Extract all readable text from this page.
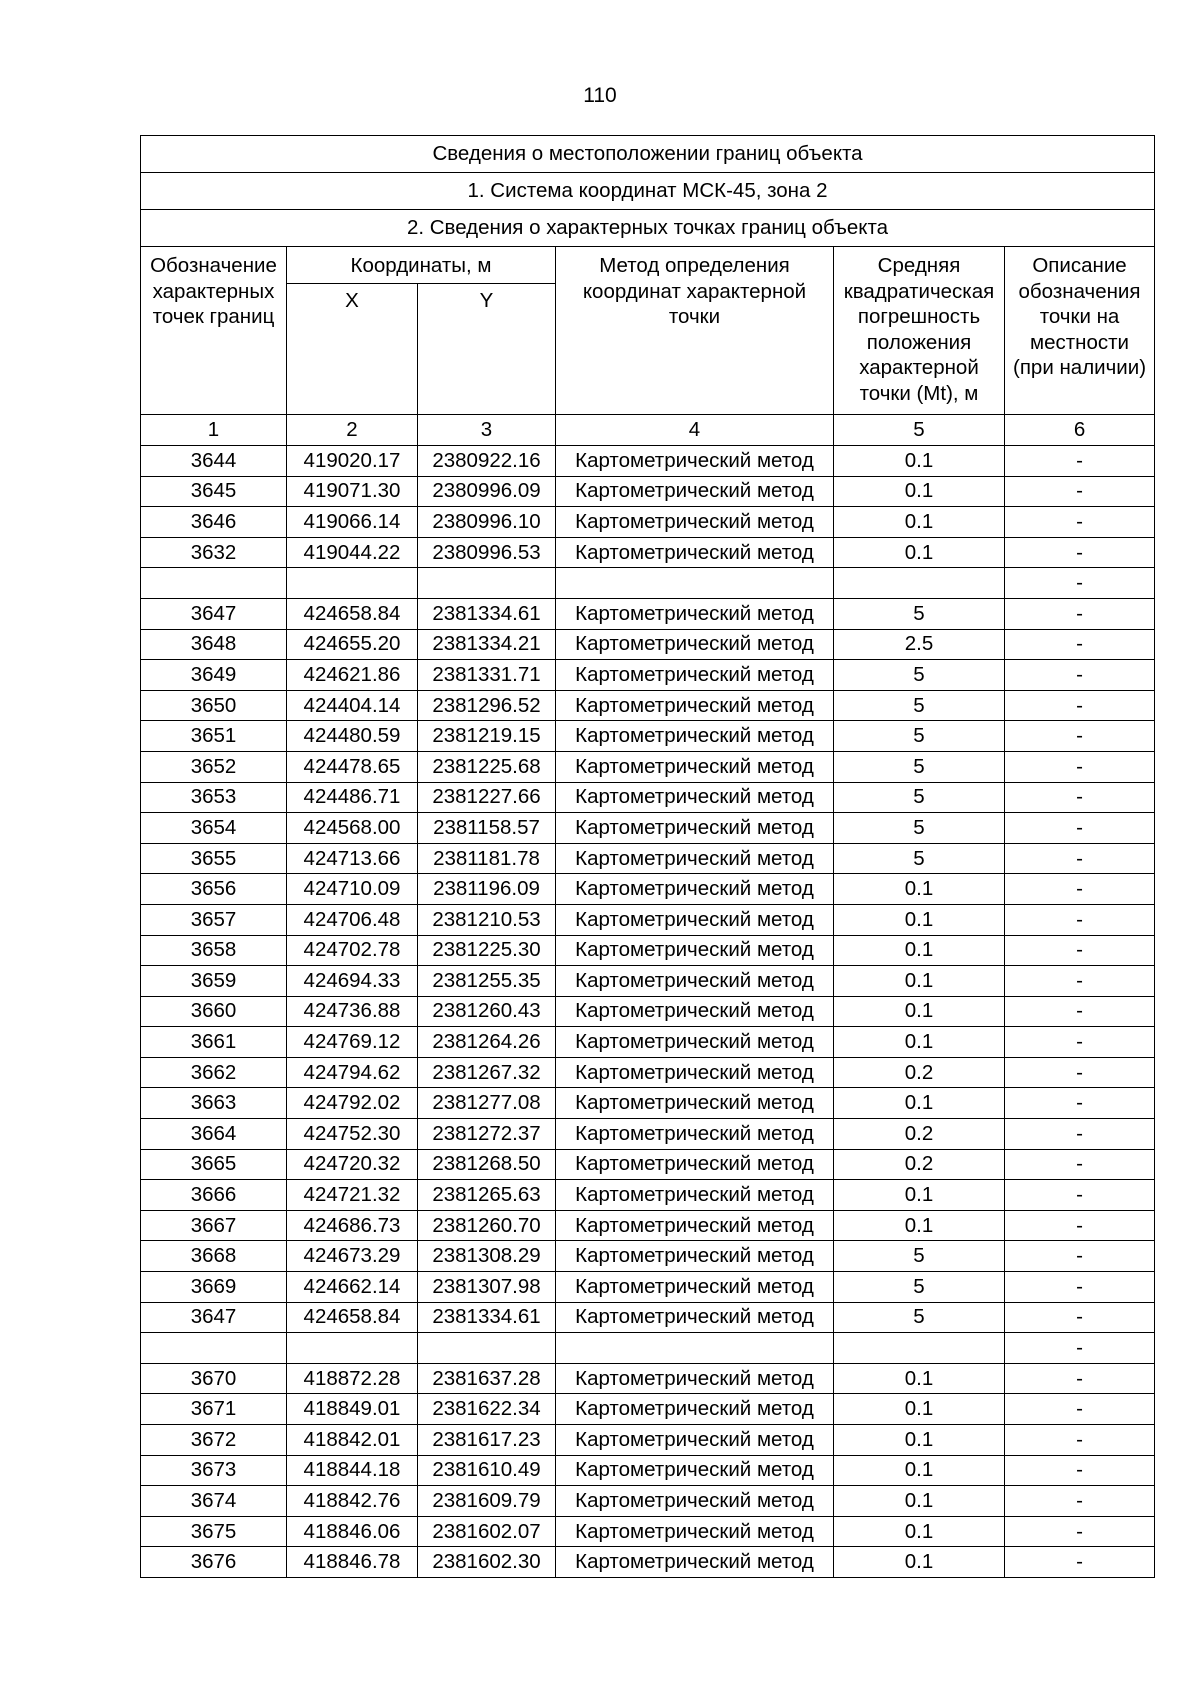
110
Сведения о местоположении границ объекта					
1. Система координат МСК-45, зона 2					
2. Сведения о характерных точках границ объекта					
Обозначение характерных точек границ	Координаты, м		Метод определения координат характерной точки	Средняя квадратическая погрешность положения характерной точки (Mt), м	Описание обозначения точки на местности (при наличии)
	X	Y			
1	2	3	4	5	6
3644	419020.17	2380922.16	Картометрический метод	0.1	-
3645	419071.30	2380996.09	Картометрический метод	0.1	-
3646	419066.14	2380996.10	Картометрический метод	0.1	-
3632	419044.22	2380996.53	Картометрический метод	0.1	-
					-
3647	424658.84	2381334.61	Картометрический метод	5	-
3648	424655.20	2381334.21	Картометрический метод	2.5	-
3649	424621.86	2381331.71	Картометрический метод	5	-
3650	424404.14	2381296.52	Картометрический метод	5	-
3651	424480.59	2381219.15	Картометрический метод	5	-
3652	424478.65	2381225.68	Картометрический метод	5	-
3653	424486.71	2381227.66	Картометрический метод	5	-
3654	424568.00	2381158.57	Картометрический метод	5	-
3655	424713.66	2381181.78	Картометрический метод	5	-
3656	424710.09	2381196.09	Картометрический метод	0.1	-
3657	424706.48	2381210.53	Картометрический метод	0.1	-
3658	424702.78	2381225.30	Картометрический метод	0.1	-
3659	424694.33	2381255.35	Картометрический метод	0.1	-
3660	424736.88	2381260.43	Картометрический метод	0.1	-
3661	424769.12	2381264.26	Картометрический метод	0.1	-
3662	424794.62	2381267.32	Картометрический метод	0.2	-
3663	424792.02	2381277.08	Картометрический метод	0.1	-
3664	424752.30	2381272.37	Картометрический метод	0.2	-
3665	424720.32	2381268.50	Картометрический метод	0.2	-
3666	424721.32	2381265.63	Картометрический метод	0.1	-
3667	424686.73	2381260.70	Картометрический метод	0.1	-
3668	424673.29	2381308.29	Картометрический метод	5	-
3669	424662.14	2381307.98	Картометрический метод	5	-
3647	424658.84	2381334.61	Картометрический метод	5	-
					-
3670	418872.28	2381637.28	Картометрический метод	0.1	-
3671	418849.01	2381622.34	Картометрический метод	0.1	-
3672	418842.01	2381617.23	Картометрический метод	0.1	-
3673	418844.18	2381610.49	Картометрический метод	0.1	-
3674	418842.76	2381609.79	Картометрический метод	0.1	-
3675	418846.06	2381602.07	Картометрический метод	0.1	-
3676	418846.78	2381602.30	Картометрический метод	0.1	-
